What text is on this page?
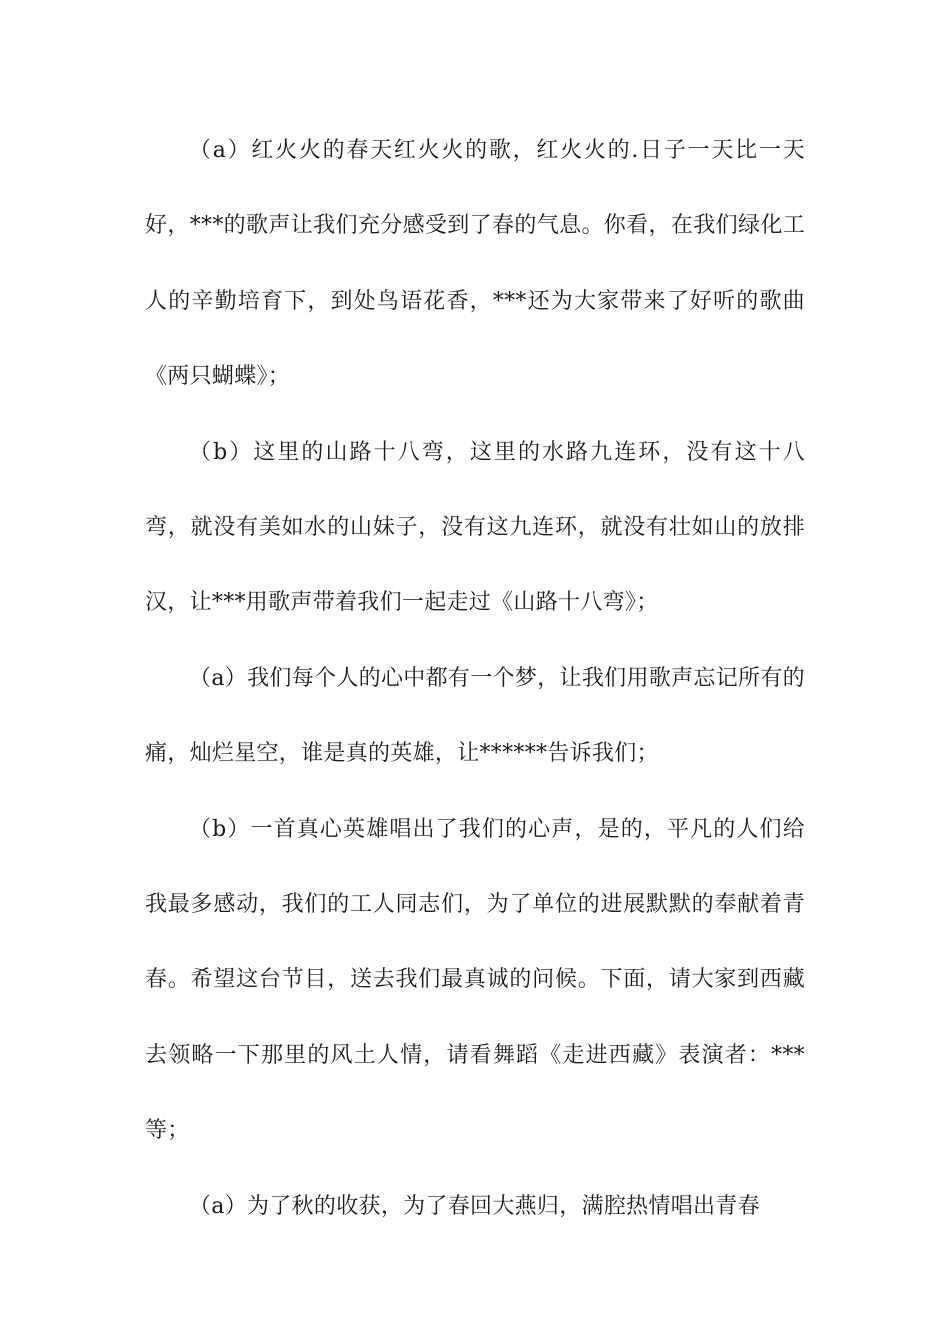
（a）红火火的春天红火火的歌，红火火的.日子一天比一天好，***的歌声让我们充分感受到了春的气息。你看，在我们绿化工人的辛勤培育下，到处鸟语花香，***还为大家带来了好听的歌曲《两只蝴蝶》；

（b）这里的山路十八弯，这里的水路九连环，没有这十八弯，就没有美如水的山妹子，没有这九连环，就没有壮如山的放排汉，让***用歌声带着我们一起走过《山路十八弯》；

（a）我们每个人的心中都有一个梦，让我们用歌声忘记所有的痛，灿烂星空，谁是真的英雄，让******告诉我们；

（b）一首真心英雄唱出了我们的心声，是的，平凡的人们给我最多感动，我们的工人同志们，为了单位的进展默默的奉献着青春。希望这台节目，送去我们最真诚的问候。下面，请大家到西藏去领略一下那里的风土人情，请看舞蹈《走进西藏》表演者：***等；

（a）为了秋的收获，为了春回大燕归，满腔热情唱出青春
